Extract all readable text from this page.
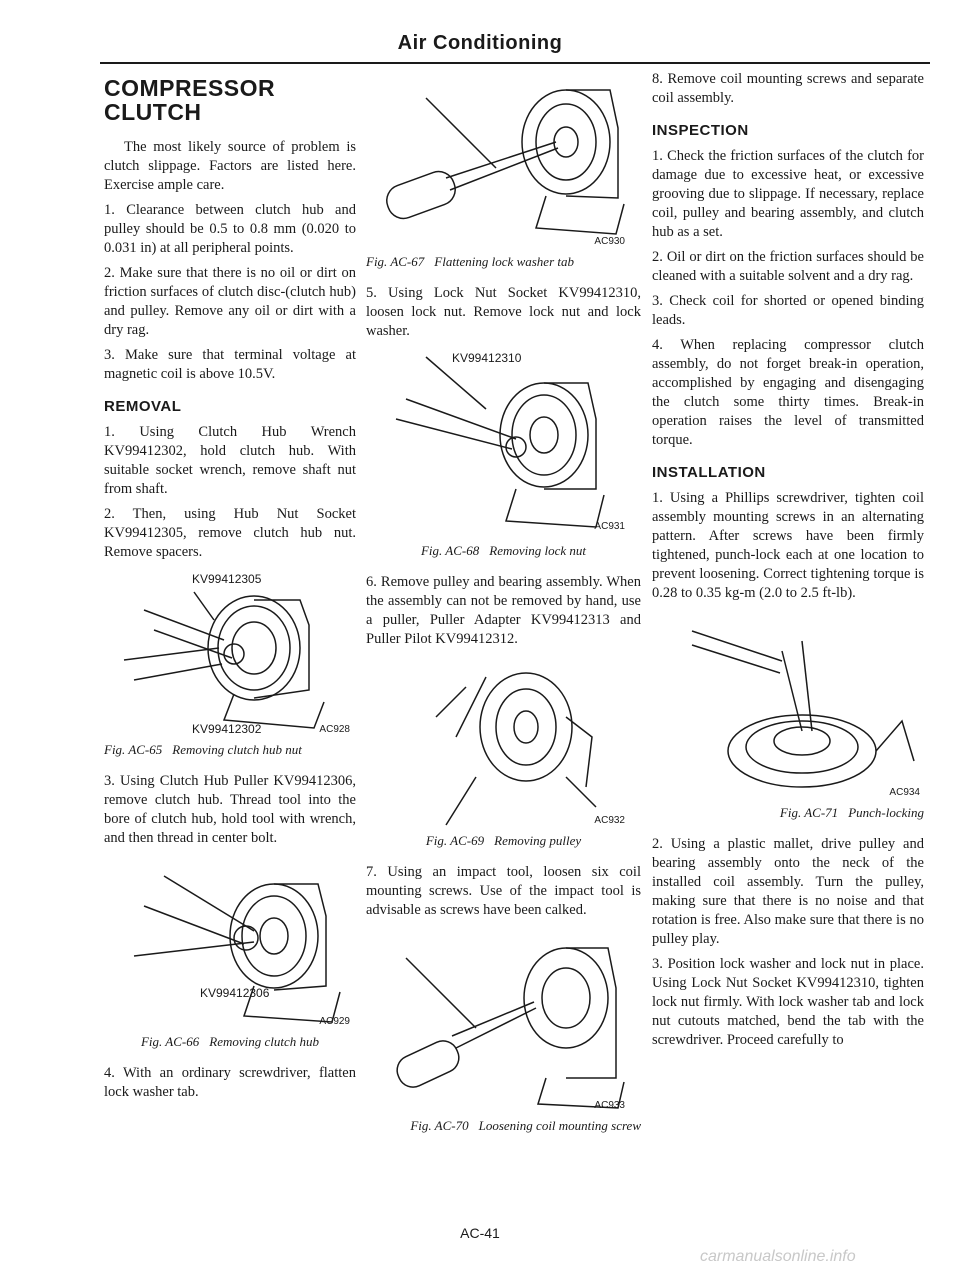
Air Conditioning
COMPRESSOR CLUTCH

The most likely source of problem is clutch slippage. Factors are listed here. Exercise ample care.

1. Clearance between clutch hub and pulley should be 0.5 to 0.8 mm (0.020 to 0.031 in) at all peripheral points.

2. Make sure that there is no oil or dirt on friction surfaces of clutch disc-(clutch hub) and pulley. Remove any oil or dirt with a dry rag.

3. Make sure that terminal voltage at magnetic coil is above 10.5V.

REMOVAL

1. Using Clutch Hub Wrench KV99412302, hold clutch hub. With suitable socket wrench, remove shaft nut from shaft.

2. Then, using Hub Nut Socket KV99412305, remove clutch hub nut. Remove spacers.

KV99412305
KV99412302	AC928
Fig. AC-65 Removing clutch hub nut

3. Using Clutch Hub Puller KV99412306, remove clutch hub. Thread tool into the bore of clutch hub, hold tool with wrench, and then thread in center bolt.

KV99412306
AC929
Fig. AC-66 Removing clutch hub

4. With an ordinary screwdriver, flatten lock washer tab.

AC930
Fig. AC-67 Flattening lock washer tab

5. Using Lock Nut Socket KV99412310, loosen lock nut. Remove lock nut and lock washer.

KV99412310
AC931
Fig. AC-68 Removing lock nut

6. Remove pulley and bearing assembly. When the assembly can not be removed by hand, use a puller, Puller Adapter KV99412313 and Puller Pilot KV99412312.

AC932
Fig. AC-69 Removing pulley

7. Using an impact tool, loosen six coil mounting screws. Use of the impact tool is advisable as screws have been calked.

AC933
Fig. AC-70 Loosening coil mounting screw

8. Remove coil mounting screws and separate coil assembly.

INSPECTION

1. Check the friction surfaces of the clutch for damage due to excessive heat, or excessive grooving due to slippage. If necessary, replace coil, pulley and bearing assembly, and clutch hub as a set.

2. Oil or dirt on the friction surfaces should be cleaned with a suitable solvent and a dry rag.

3. Check coil for shorted or opened binding leads.

4. When replacing compressor clutch assembly, do not forget break-in operation, accomplished by engaging and disengaging the clutch some thirty times. Break-in operation raises the level of transmitted torque.

INSTALLATION

1. Using a Phillips screwdriver, tighten coil assembly mounting screws in an alternating pattern. After screws have been firmly tightened, punch-lock each at one location to prevent loosening. Correct tightening torque is 0.28 to 0.35 kg-m (2.0 to 2.5 ft-lb).

AC934
Fig. AC-71 Punch-locking

2. Using a plastic mallet, drive pulley and bearing assembly onto the neck of the installed coil assembly. Turn the pulley, making sure that there is no noise and that rotation is free. Also make sure that there is no pulley play.

3. Position lock washer and lock nut in place. Using Lock Nut Socket KV99412310, tighten lock nut firmly. With lock washer tab and lock nut cutouts matched, bend the tab with the screwdriver. Proceed carefully to

AC-41
carmanualsonline.info
